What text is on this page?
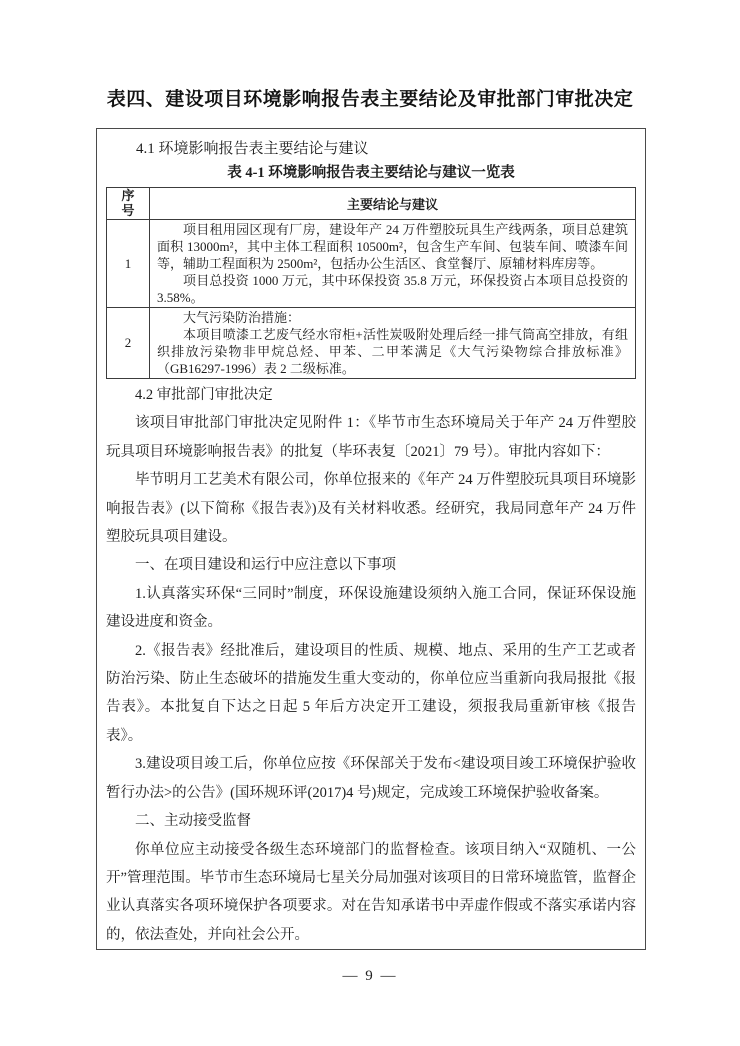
表四、建设项目环境影响报告表主要结论及审批部门审批决定
4.1 环境影响报告表主要结论与建议
表 4-1 环境影响报告表主要结论与建议一览表
序号	主要结论与建议
1	项目租用园区现有厂房，建设年产 24 万件塑胶玩具生产线两条，项目总建筑面积 13000m²，其中主体工程面积 10500m²，包含生产车间、包装车间、喷漆车间等，辅助工程面积为 2500m²，包括办公生活区、食堂餐厅、原辅材料库房等。

项目总投资 1000 万元，其中环保投资 35.8 万元，环保投资占本项目总投资的 3.58%。

2	大气污染防治措施：

本项目喷漆工艺废气经水帘柜+活性炭吸附处理后经一排气筒高空排放，有组织排放污染物非甲烷总烃、甲苯、二甲苯满足《大气污染物综合排放标准》（GB16297-1996）表 2 二级标准。

4.2 审批部门审批决定

该项目审批部门审批决定见附件 1：《毕节市生态环境局关于年产 24 万件塑胶玩具项目环境影响报告表》的批复（毕环表复〔2021〕79 号）。审批内容如下：

毕节明月工艺美术有限公司，你单位报来的《年产 24 万件塑胶玩具项目环境影响报告表》(以下简称《报告表》)及有关材料收悉。经研究，我局同意年产 24 万件塑胶玩具项目建设。

一、在项目建设和运行中应注意以下事项

1.认真落实环保“三同时”制度，环保设施建设须纳入施工合同，保证环保设施建设进度和资金。

2.《报告表》经批准后，建设项目的性质、规模、地点、采用的生产工艺或者防治污染、防止生态破坏的措施发生重大变动的，你单位应当重新向我局报批《报告表》。本批复自下达之日起 5 年后方决定开工建设，须报我局重新审核《报告表》。

3.建设项目竣工后，你单位应按《环保部关于发布<建设项目竣工环境保护验收暂行办法>的公告》(国环规环评(2017)4 号)规定，完成竣工环境保护验收备案。

二、主动接受监督

你单位应主动接受各级生态环境部门的监督检查。该项目纳入“双随机、一公开”管理范围。毕节市生态环境局七星关分局加强对该项目的日常环境监管，监督企业认真落实各项环境保护各项要求。对在告知承诺书中弄虚作假或不落实承诺内容的，依法查处，并向社会公开。

— 9 —
